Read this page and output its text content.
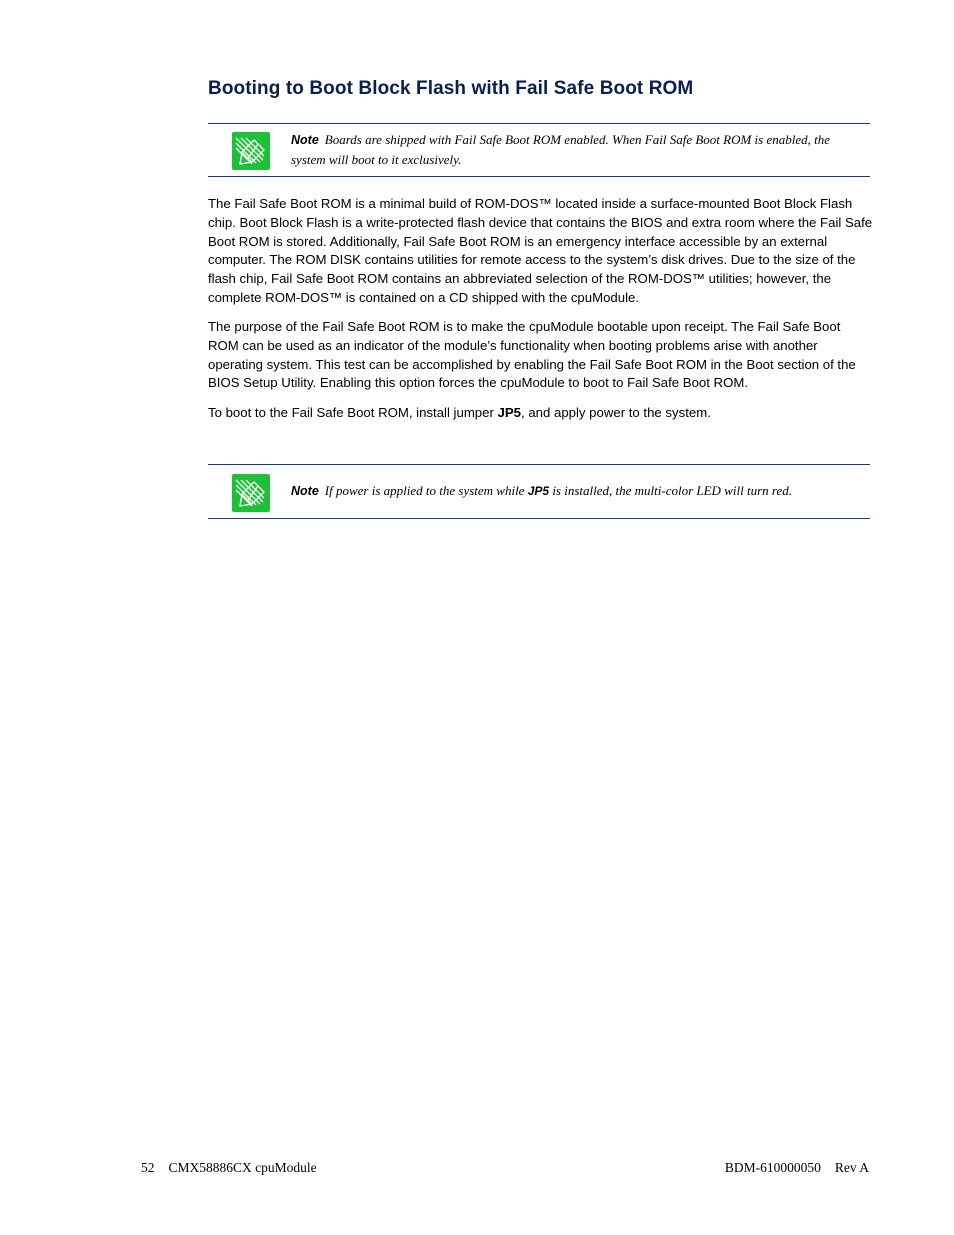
Booting to Boot Block Flash with Fail Safe Boot ROM
Note Boards are shipped with Fail Safe Boot ROM enabled. When Fail Safe Boot ROM is enabled, the system will boot to it exclusively.

The Fail Safe Boot ROM is a minimal build of ROM-DOS™ located inside a surface-mounted Boot Block Flash chip. Boot Block Flash is a write-protected flash device that contains the BIOS and extra room where the Fail Safe Boot ROM is stored. Additionally, Fail Safe Boot ROM is an emergency interface accessible by an external computer. The ROM DISK contains utilities for remote access to the system’s disk drives. Due to the size of the flash chip, Fail Safe Boot ROM contains an abbreviated selection of the ROM-DOS™ utilities; however, the complete ROM-DOS™ is contained on a CD shipped with the cpuModule.

The purpose of the Fail Safe Boot ROM is to make the cpuModule bootable upon receipt. The Fail Safe Boot ROM can be used as an indicator of the module’s functionality when booting problems arise with another operating system. This test can be accomplished by enabling the Fail Safe Boot ROM in the Boot section of the BIOS Setup Utility. Enabling this option forces the cpuModule to boot to Fail Safe Boot ROM.

To boot to the Fail Safe Boot ROM, install jumper JP5, and apply power to the system.

Note If power is applied to the system while JP5 is installed, the multi-color LED will turn red.
52 CMX58886CX cpuModule	BDM-610000050 Rev A
